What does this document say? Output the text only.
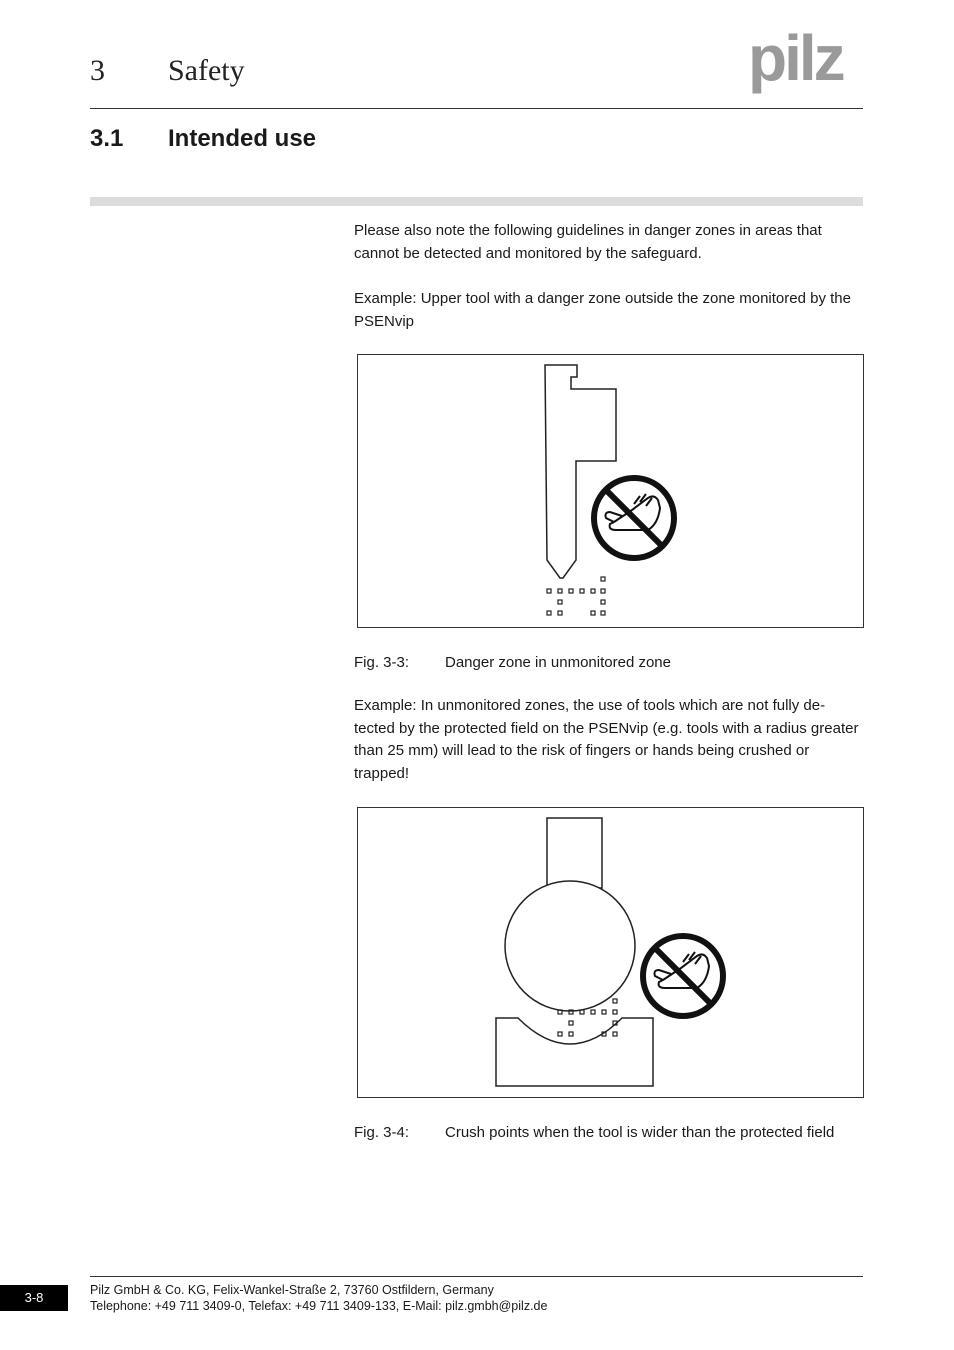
3 Safety	pilz
3.1 Intended use

Please also note the following guidelines in danger zones in areas that cannot be detected and monitored by the safeguard.

Example: Upper tool with a danger zone outside the zone monitored by the PSENvip

Fig. 3-3: Danger zone in unmonitored zone

Example: In unmonitored zones, the use of tools which are not fully de-tected by the protected field on the PSENvip (e.g. tools with a radius greater than 25 mm) will lead to the risk of fingers or hands being crushed or trapped!

Fig. 3-4: Crush points when the tool is wider than the protected field
3-8	Pilz GmbH & Co. KG, Felix-Wankel-Straße 2, 73760 Ostfildern, Germany
Telephone: +49 711 3409-0, Telefax: +49 711 3409-133, E-Mail: pilz.gmbh@pilz.de
